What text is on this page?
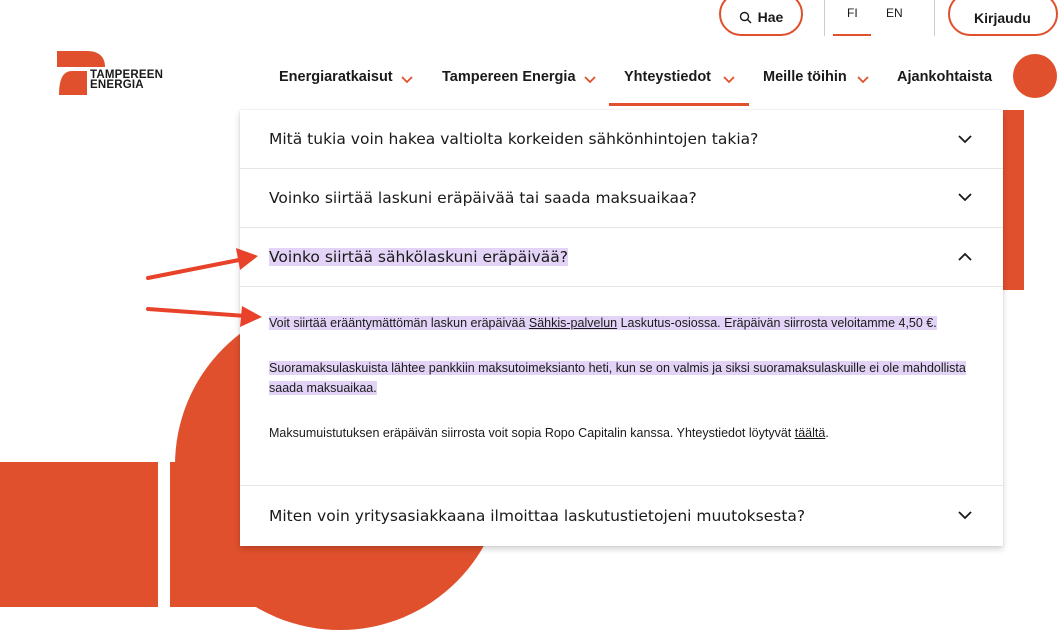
Hae	FI EN	Kirjaudu
TAMPEREEN
ENERGIA	Energiaratkaisut	Tampereen Energia	Yhteystiedot	Meille töihin	Ajankohtaista
Mitä tukia voin hakea valtiolta korkeiden sähkönhintojen takia?
Voinko siirtää laskuni eräpäivää tai saada maksuaikaa?
Voinko siirtää sähkölaskuni eräpäivää?

Voit siirtää erääntymättömän laskun eräpäivää Sähkis-palvelun Laskutus-osiossa. Eräpäivän siirrosta veloitamme 4,50 €.

Suoramaksulaskuista lähtee pankkiin maksutoimeksianto heti, kun se on valmis ja siksi suoramaksulaskuille ei ole mahdollista saada maksuaikaa.

Maksumuistutuksen eräpäivän siirrosta voit sopia Ropo Capitalin kanssa. Yhteystiedot löytyvät täältä.

Miten voin yritysasiakkaana ilmoittaa laskutustietojeni muutoksesta?
